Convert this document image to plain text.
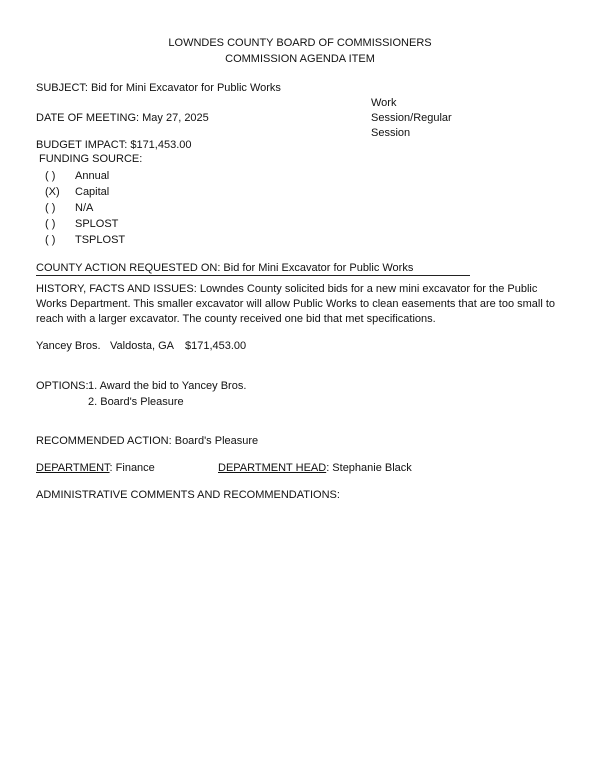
LOWNDES COUNTY BOARD OF COMMISSIONERS
COMMISSION AGENDA ITEM
SUBJECT: Bid for Mini Excavator for Public Works
Work
Session/Regular
Session
DATE OF MEETING: May 27, 2025
BUDGET IMPACT: $171,453.00
FUNDING SOURCE:
( ) Annual
(X) Capital
( ) N/A
( ) SPLOST
( ) TSPLOST
COUNTY ACTION REQUESTED ON: Bid for Mini Excavator for Public Works
HISTORY, FACTS AND ISSUES: Lowndes County solicited bids for a new mini excavator for the Public Works Department. This smaller excavator will allow Public Works to clean easements that are too small to reach with a larger excavator. The county received one bid that met specifications.
Yancey Bros. Valdosta, GA $171,453.00
OPTIONS: 1. Award the bid to Yancey Bros.
2. Board's Pleasure
RECOMMENDED ACTION: Board's Pleasure
DEPARTMENT: Finance	DEPARTMENT HEAD: Stephanie Black
ADMINISTRATIVE COMMENTS AND RECOMMENDATIONS:
